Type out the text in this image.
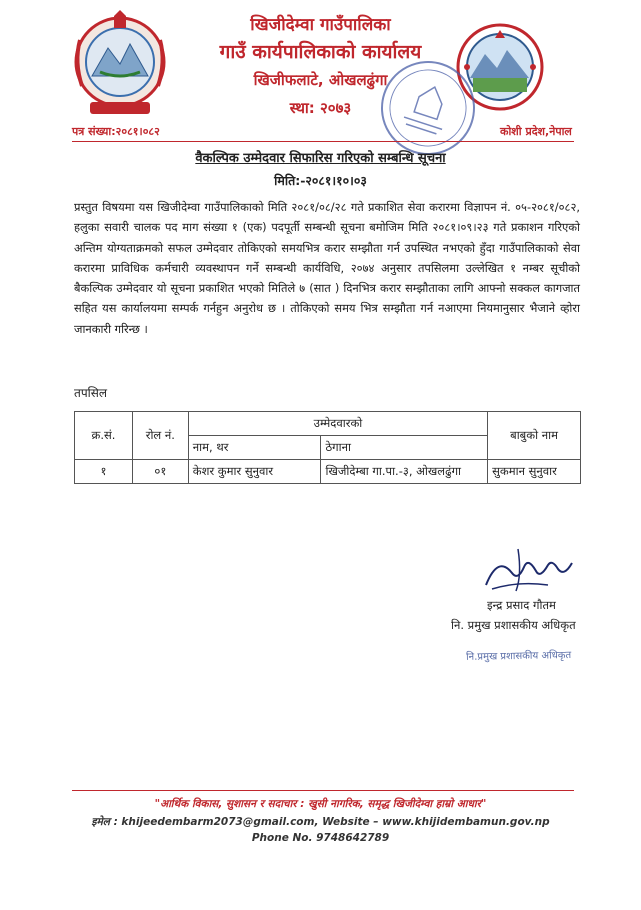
खिजीदेम्वा गाउँपालिका
गाउँ कार्यपालिकाको कार्यालय
खिजीफलाटे, ओखलढुंगा
स्था: २०७३
पत्र संख्या:२०८१।०८२	कोशी प्रदेश,नेपाल
वैकल्पिक उम्मेदवार सिफारिस गरिएको सम्बन्धि सूचना
मिति:-२०८१।१०।०३
प्रस्तुत विषयमा यस खिजीदेम्वा गाउँपालिकाको मिति २०८१/०८/२८ गते प्रकाशित सेवा करारमा विज्ञापन नं. ०५-२०८१/०८२, हलुका सवारी चालक पद माग संख्या १ (एक) पदपूर्ती सम्बन्धी सूचना बमोजिम मिति २०८१।०९।२३ गते प्रकाशन गरिएको अन्तिम योग्यताक्रमको सफल उम्मेदवार तोकिएको समयभित्र करार सम्झौता गर्न उपस्थित नभएको हुँदा गाउँपालिकाको सेवा करारमा प्राविधिक कर्मचारी व्यवस्थापन गर्ने सम्बन्धी कार्यविधि, २०७४ अनुसार तपसिलमा उल्लेखित १ नम्बर सूचीको बैकल्पिक उम्मेदवार यो सूचना प्रकाशित भएको मितिले ७ (सात ) दिनभित्र करार सम्झौताका लागि आफ्नो सक्कल कागजात सहित यस कार्यालयमा सम्पर्क गर्नहुन अनुरोध छ । तोकिएको समय भित्र सम्झौता गर्न नआएमा नियमानुसार भैजाने व्होरा जानकारी गरिन्छ ।
तपसिल
क्र.सं.	रोल नं.	उम्मेदवारको		बाबुको नाम
		नाम, थर	ठेगाना	
१	०१	केशर कुमार सुनुवार	खिजीदेम्बा गा.पा.-३, ओखलढुंगा	सुकमान सुनुवार
इन्द्र प्रसाद गौतम
नि. प्रमुख प्रशासकीय अधिकृत
नि.प्रमुख प्रशासकीय अधिकृत
"आर्थिक विकास, सुशासन र सदाचार : खुसी नागरिक, समृद्ध खिजीदेम्वा हाम्रो आधार"
इमेल : khijeedembarm2073@gmail.com, Website – www.khijidembamun.gov.np
Phone No. 9748642789
